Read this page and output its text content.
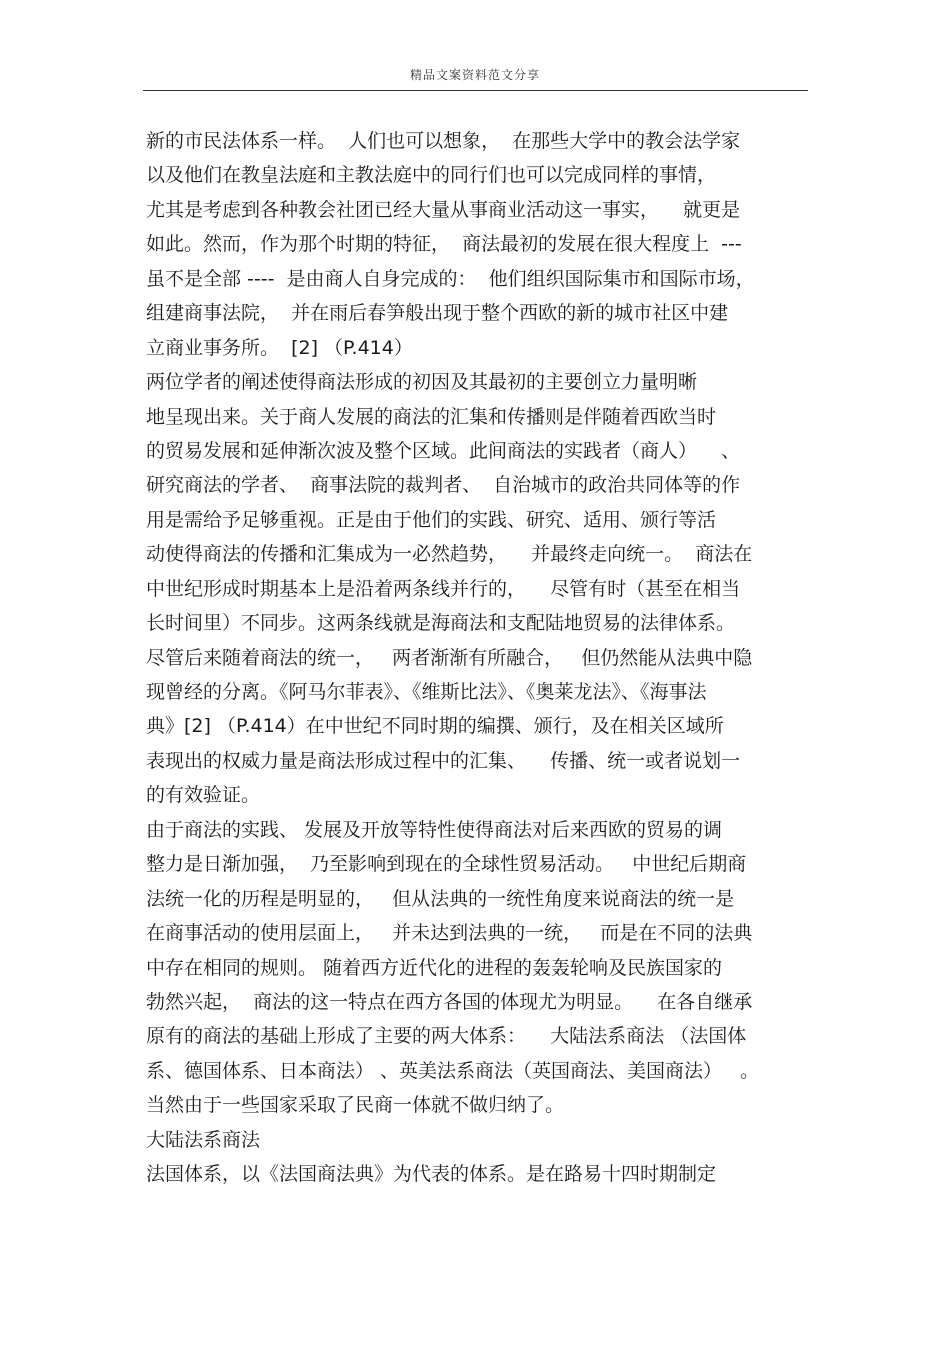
精品文案资料范文分享
新的市民法体系一样。  人们也可以想象，  在那些大学中的教会法学家
以及他们在教皇法庭和主教法庭中的同行们也可以完成同样的事情，
尤其是考虑到各种教会社团已经大量从事商业活动这一事实，    就更是
如此。然而，作为那个时期的特征，  商法最初的发展在很大程度上  ---
虽不是全部 ----  是由商人自身完成的：  他们组织国际集市和国际市场，
组建商事法院，  并在雨后春笋般出现于整个西欧的新的城市社区中建
立商业事务所。  [2] （P.414）
两位学者的阐述使得商法形成的初因及其最初的主要创立力量明晰
地呈现出来。关于商人发展的商法的汇集和传播则是伴随着西欧当时
的贸易发展和延伸渐次波及整个区域。此间商法的实践者（商人）    、
研究商法的学者、  商事法院的裁判者、  自治城市的政治共同体等的作
用是需给予足够重视。正是由于他们的实践、研究、适用、颁行等活
动使得商法的传播和汇集成为一必然趋势，    并最终走向统一。  商法在
中世纪形成时期基本上是沿着两条线并行的，    尽管有时（甚至在相当
长时间里）不同步。这两条线就是海商法和支配陆地贸易的法律体系。
尽管后来随着商法的统一，   两者渐渐有所融合，   但仍然能从法典中隐
现曾经的分离。《阿马尔菲表》、《维斯比法》、《奥莱龙法》、《海事法
典》[2] （P.414）在中世纪不同时期的编撰、颁行，及在相关区域所
表现出的权威力量是商法形成过程中的汇集、    传播、统一或者说划一
的有效验证。
由于商法的实践、 发展及开放等特性使得商法对后来西欧的贸易的调
整力是日渐加强，  乃至影响到现在的全球性贸易活动。   中世纪后期商
法统一化的历程是明显的，   但从法典的一统性角度来说商法的统一是
在商事活动的使用层面上，   并未达到法典的一统，   而是在不同的法典
中存在相同的规则。 随着西方近代化的进程的轰轰轮响及民族国家的
勃然兴起，  商法的这一特点在西方各国的体现尤为明显。    在各自继承
原有的商法的基础上形成了主要的两大体系：    大陆法系商法 （法国体
系、德国体系、日本商法） 、英美法系商法（英国商法、美国商法）   。
当然由于一些国家采取了民商一体就不做归纳了。
大陆法系商法
法国体系，以《法国商法典》为代表的体系。是在路易十四时期制定
